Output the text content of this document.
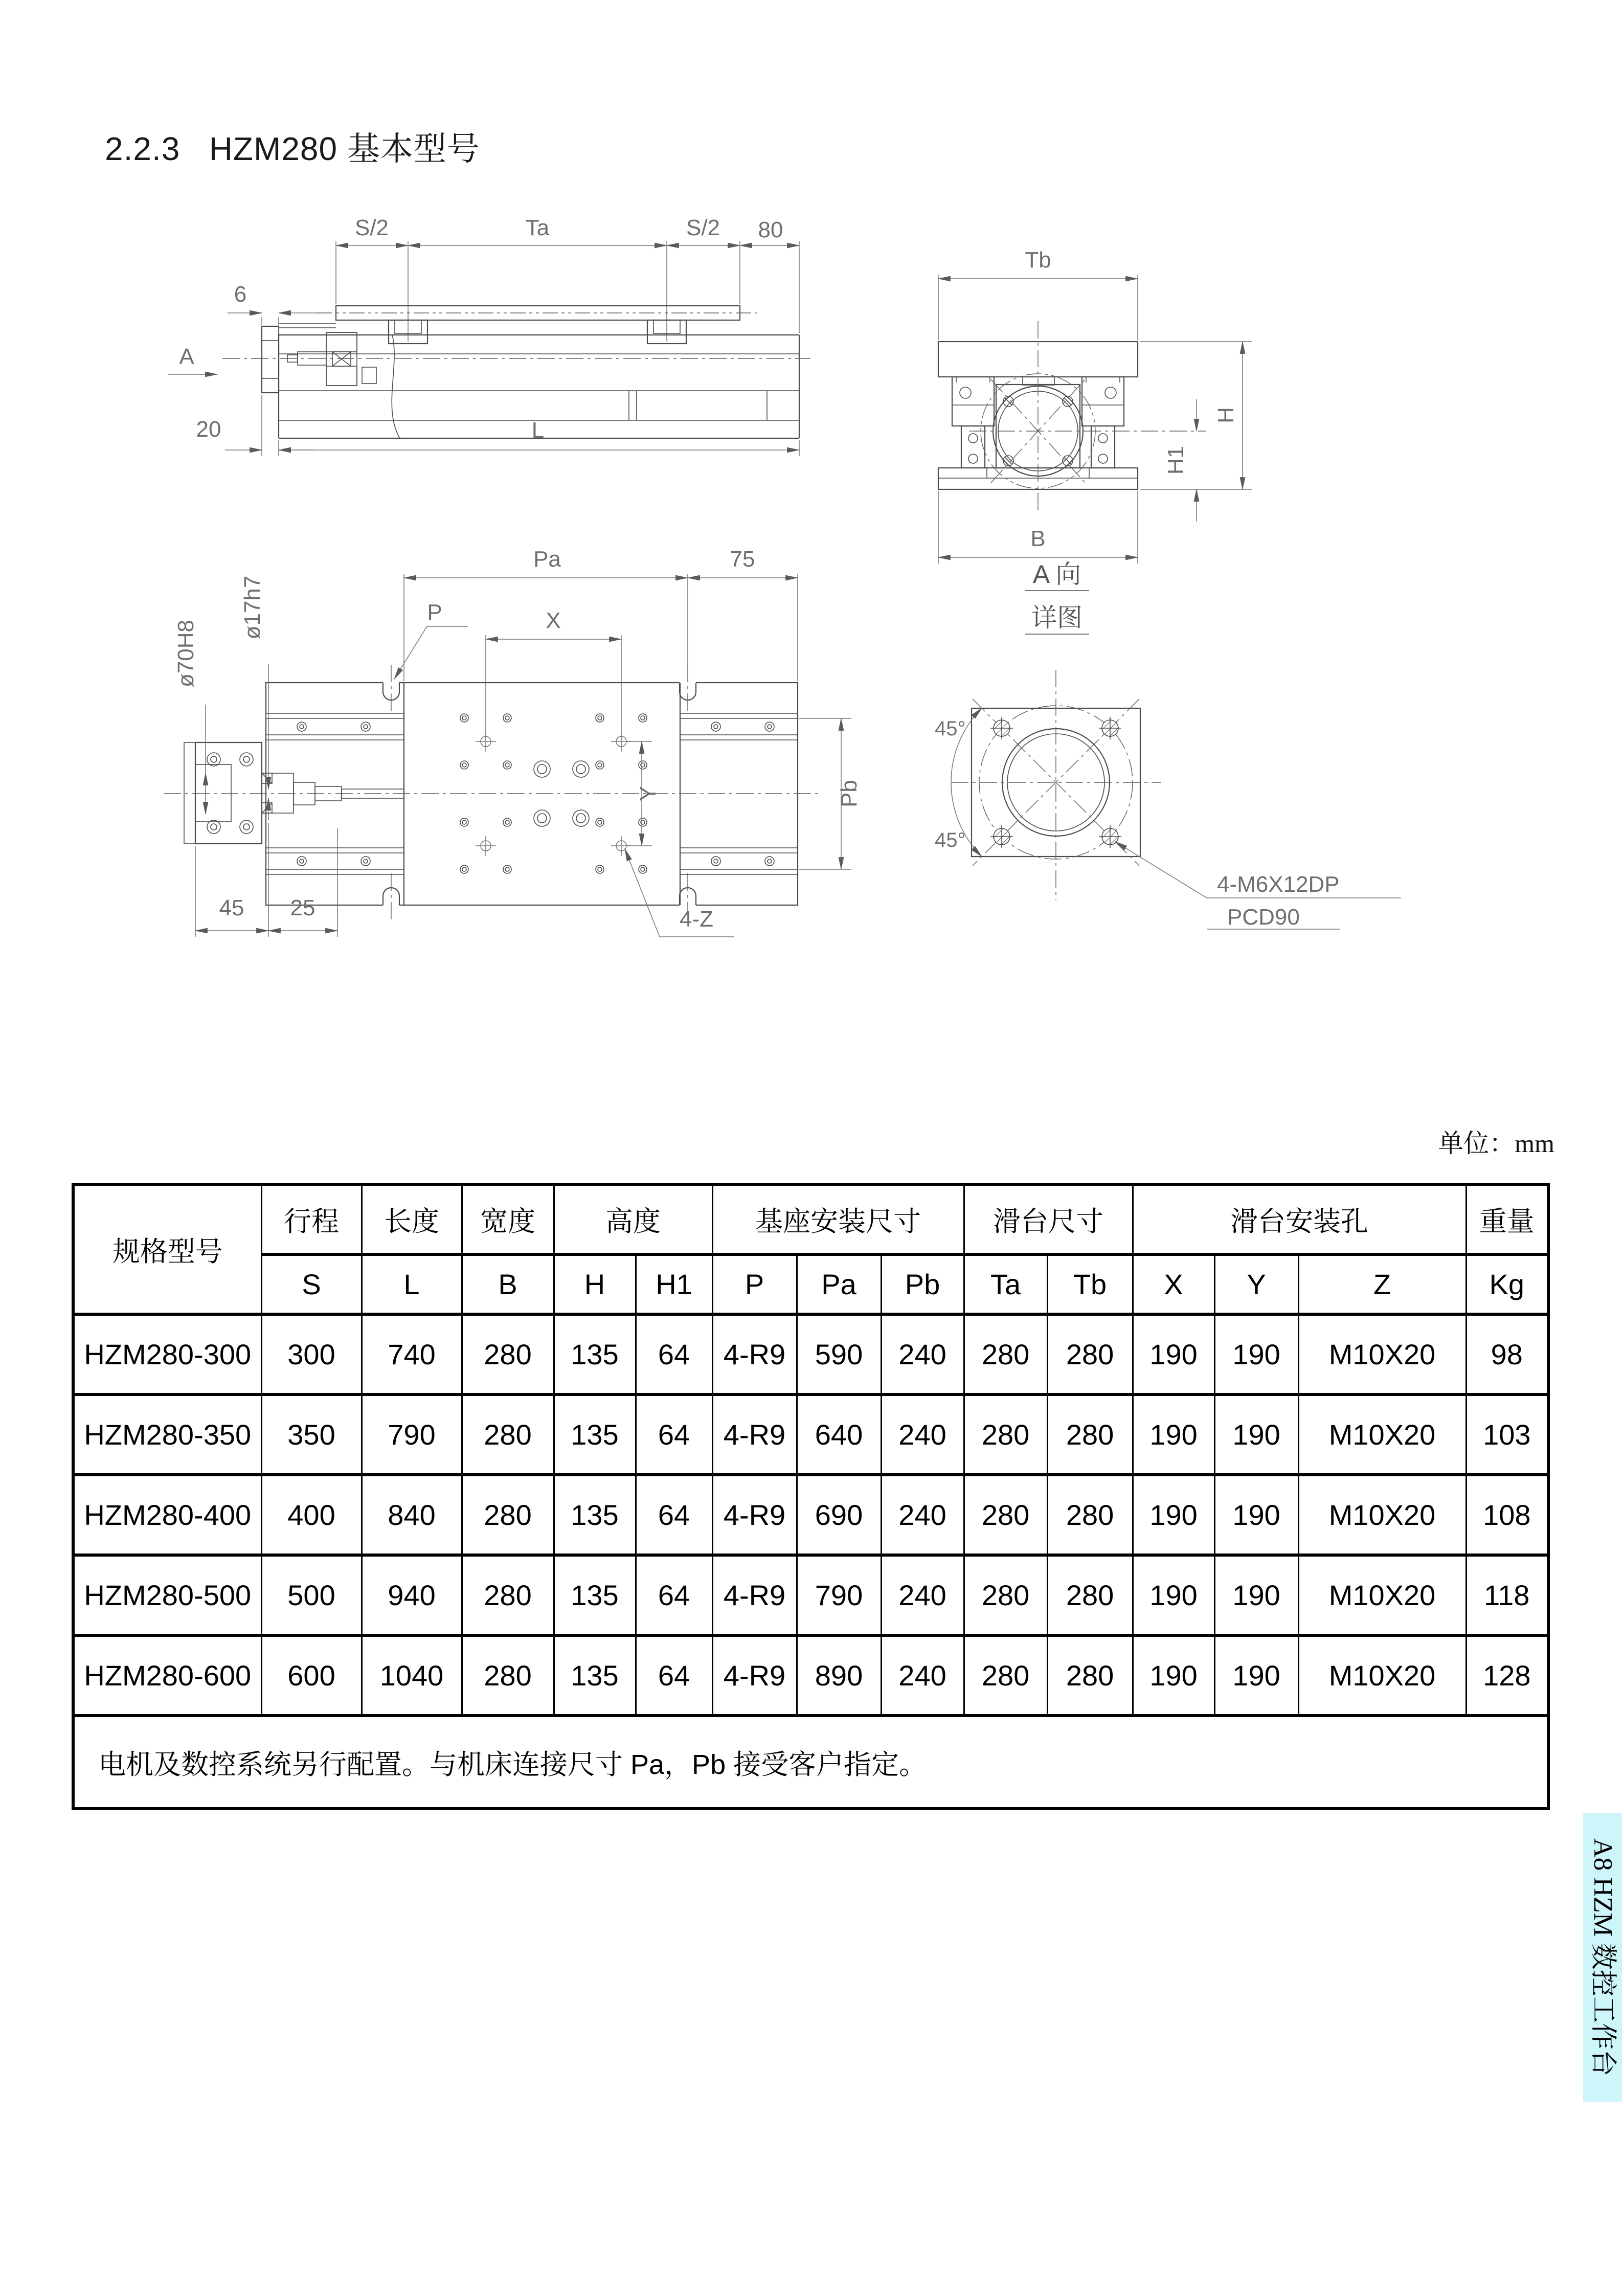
2.2.3   HZM280 基本型号
S/2	Ta	S/2 80
6
A
20	L
Tb
H
H1
B
Pa	75
P	X
ø70H8
ø17h7
Y	Pb
45 25	4-Z
A 向
详图
45°
45°
4-M6X12DP
PCD90
单位：mm
规格型号	行程	长度	宽度	高度		基座安装尺寸			滑台尺寸		滑台安装孔			重量
	S	L	B	H	H1	P	Pa	Pb	Ta	Tb	X	Y	Z	Kg
HZM280-300	300	740	280	135	64	4-R9	590	240	280	280	190	190	M10X20	98
HZM280-350	350	790	280	135	64	4-R9	640	240	280	280	190	190	M10X20	103
HZM280-400	400	840	280	135	64	4-R9	690	240	280	280	190	190	M10X20	108
HZM280-500	500	940	280	135	64	4-R9	790	240	280	280	190	190	M10X20	118
HZM280-600	600	1040	280	135	64	4-R9	890	240	280	280	190	190	M10X20	128
电机及数控系统另行配置。与机床连接尺寸 Pa，Pb 接受客户指定。														
A8 HZM 数控工作台
